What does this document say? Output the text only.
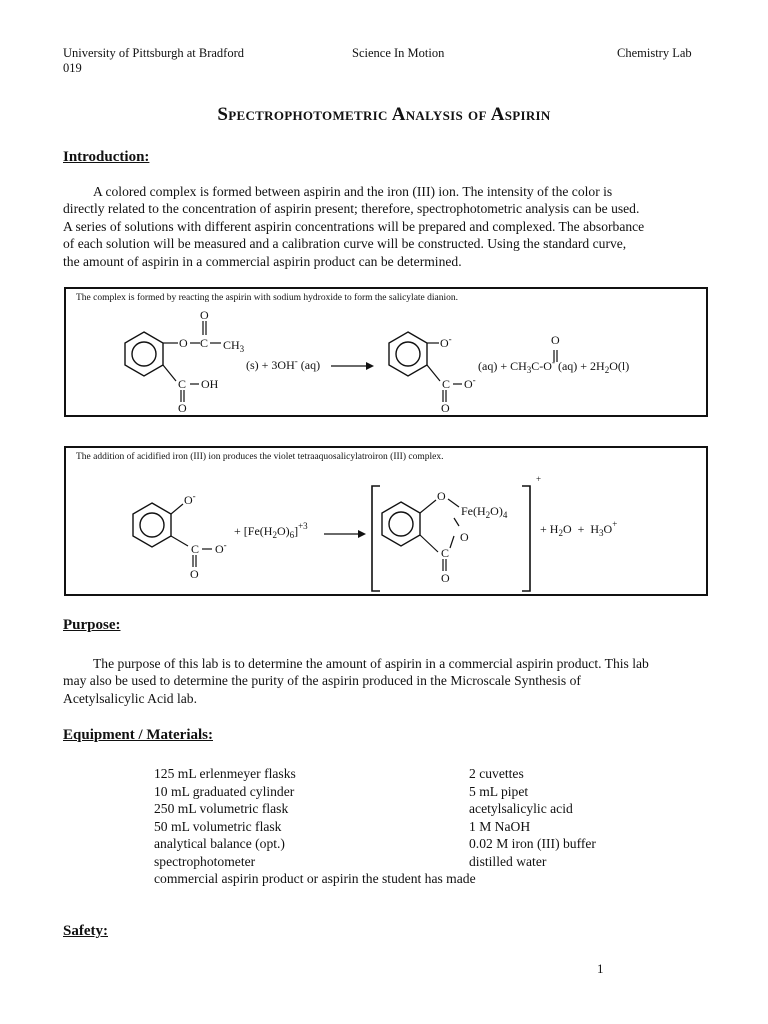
University of Pittsburgh at Bradford
019
Science In Motion	Chemistry Lab
Spectrophotometric Analysis of Aspirin
Introduction:
A colored complex is formed between aspirin and the iron (III) ion. The intensity of the color is
directly related to the concentration of aspirin present; therefore, spectrophotometric analysis can be used.
A series of solutions with different aspirin concentrations will be prepared and complexed. The absorbance
of each solution will be measured and a calibration curve will be constructed. Using the standard curve,
the amount of aspirin in a commercial aspirin product can be determined.
The complex is formed by reacting the aspirin with sodium hydroxide to form the salicylate dianion.
O
O
C $CH_3$
C OH
O
(s) + 3OH- (aq)
O-
C O-
O
O
$(aq) + CH_3C-O^-$ $(aq) + 2H_2O(l)$
The addition of acidified iron (III) ion produces the violet tetraaquosalicylatroiron (III) complex.
O-
C O-
O
+ $[Fe(H_2O)_6]^{+3}$
O
$Fe(H_2O)_4$
O
C
O
+
+ $H_2O + H_3O^+$
Purpose:
The purpose of this lab is to determine the amount of aspirin in a commercial aspirin product. This lab
may also be used to determine the purity of the aspirin produced in the Microscale Synthesis of
Acetylsalicylic Acid lab.
Equipment / Materials:
125 mL erlenmeyer flasks
10 mL graduated cylinder
250 mL volumetric flask
50 mL volumetric flask
analytical balance (opt.)
spectrophotometer
commercial aspirin product or aspirin the student has made
2 cuvettes
5 mL pipet
acetylsalicylic acid
1 M NaOH
0.02 M iron (III) buffer
distilled water
Safety:
1
